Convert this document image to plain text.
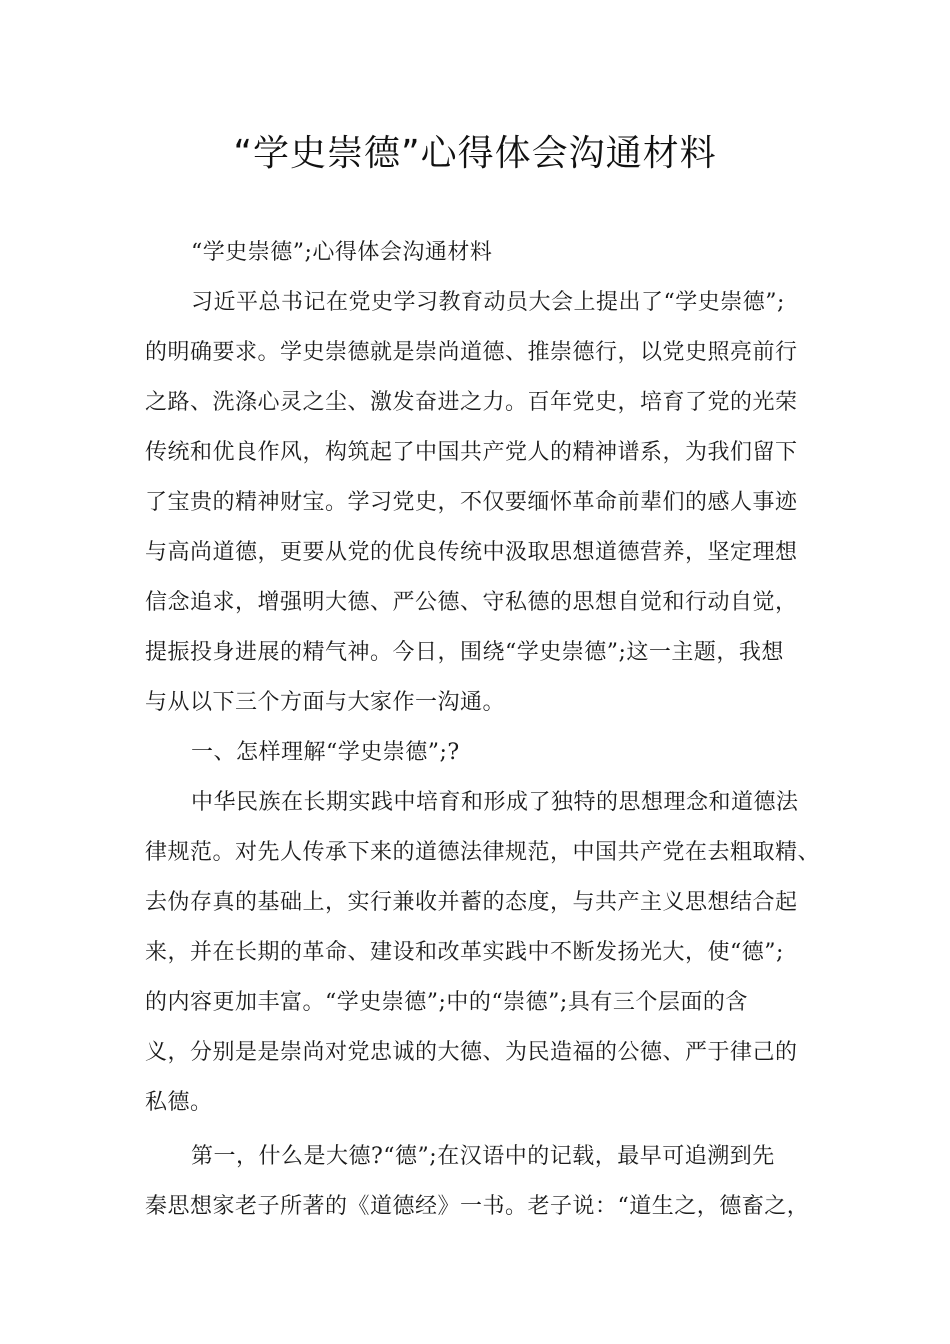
“学史崇德”心得体会沟通材料
“学史崇德”;心得体会沟通材料
习近平总书记在党史学习教育动员大会上提出了“学史崇德”;
的明确要求。学史崇德就是崇尚道德、推崇德行，以党史照亮前行
之路、洗涤心灵之尘、激发奋进之力。百年党史，培育了党的光荣
传统和优良作风，构筑起了中国共产党人的精神谱系，为我们留下
了宝贵的精神财宝。学习党史，不仅要缅怀革命前辈们的感人事迹
与高尚道德，更要从党的优良传统中汲取思想道德营养，坚定理想
信念追求，增强明大德、严公德、守私德的思想自觉和行动自觉，
提振投身进展的精气神。今日，围绕“学史崇德”;这一主题，我想
与从以下三个方面与大家作一沟通。
一、怎样理解“学史崇德”;?
中华民族在长期实践中培育和形成了独特的思想理念和道德法
律规范。对先人传承下来的道德法律规范，中国共产党在去粗取精、
去伪存真的基础上，实行兼收并蓄的态度，与共产主义思想结合起
来，并在长期的革命、建设和改革实践中不断发扬光大，使“德”;
的内容更加丰富。“学史崇德”;中的“崇德”;具有三个层面的含
义，分别是是崇尚对党忠诚的大德、为民造福的公德、严于律己的
私德。
第一，什么是大德?“德”;在汉语中的记载，最早可追溯到先
秦思想家老子所著的《道德经》一书。老子说：“道生之，德畜之，
